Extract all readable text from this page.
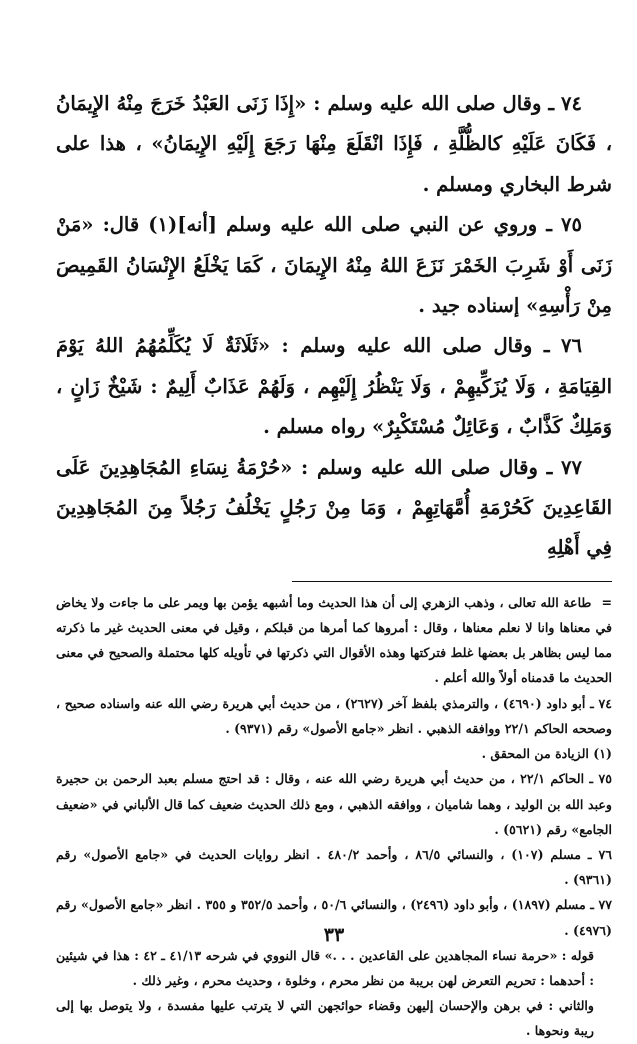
٧٤ ـ وقال صلى الله عليه وسلم : «إِذَا زَنَى العَبْدُ خَرَجَ مِنْهُ الإِيمَانُ ، فَكَانَ عَلَيْهِ كالظُّلَّةِ ، فَإِذَا انْقَلَعَ مِنْهَا رَجَعَ إِلَيْهِ الإِيمَانُ» ، هذا على شرط البخاري ومسلم .

٧٥ ـ وروي عن النبي صلى الله عليه وسلم [أنه](١) قال: «مَنْ زَنَى أَوْ شَرِبَ الخَمْرَ نَزَعَ اللهُ مِنْهُ الإِيمَانَ ، كَمَا يَخْلَعُ الإِنْسَانُ القَمِيصَ مِنْ رَأْسِهِ» إسناده جيد .

٧٦ ـ وقال صلى الله عليه وسلم : «ثَلَاثَةٌ لَا يُكَلِّمُهُمُ اللهُ يَوْمَ القِيَامَةِ ، وَلَا يُزَكِّيهِمْ ، وَلَا يَنْظُرُ إِلَيْهِم ، وَلَهُمْ عَذَابٌ أَلِيمٌ : شَيْخٌ زَانٍ ، وَمَلِكٌ كَذَّابٌ ، وَعَائِلٌ مُسْتَكْبِرٌ» رواه مسلم .

٧٧ ـ وقال صلى الله عليه وسلم : «حُرْمَةُ نِسَاءِ المُجَاهِدِينَ عَلَى القَاعِدِينَ كَحُرْمَةِ أُمَّهَاتِهِمْ ، وَمَا مِنْ رَجُلٍ يَخْلُفُ رَجُلاً مِنَ المُجَاهِدِينَ فِي أَهْلِهِ

=طاعة الله تعالى ، وذهب الزهري إلى أن هذا الحديث وما أشبهه يؤمن بها ويمر على ما جاءت ولا يخاض في معناها وانا لا نعلم معناها ، وقال : أمروها كما أمرها من قبلكم ، وقيل في معنى الحديث غير ما ذكرته مما ليس بظاهر بل بعضها غلط فتركتها وهذه الأقوال التي ذكرتها في تأويله كلها محتملة والصحيح في معنى الحديث ما قدمناه أولاً والله أعلم .

٧٤ ـ أبو داود (٤٦٩٠) ، والترمذي بلفظ آخر (٢٦٢٧) ، من حديث أبي هريرة رضي الله عنه واسناده صحيح ، وصححه الحاكم ٢٢/١ ووافقه الذهبي . انظر «جامع الأصول» رقم (٩٣٧١) .

(١) الزيادة من المحقق .

٧٥ ـ الحاكم ٢٢/١ ، من حديث أبي هريرة رضي الله عنه ، وقال : قد احتج مسلم بعبد الرحمن بن حجيرة وعبد الله بن الوليد ، وهما شاميان ، ووافقه الذهبي ، ومع ذلك الحديث ضعيف كما قال الألباني في «ضعيف الجامع» رقم (٥٦٢١) .

٧٦ ـ مسلم (١٠٧) ، والنسائي ٨٦/٥ ، وأحمد ٤٨٠/٢ . انظر روايات الحديث في «جامع الأصول» رقم (٩٣٦١) .

٧٧ ـ مسلم (١٨٩٧) ، وأبو داود (٢٤٩٦) ، والنسائي ٥٠/٦ ، وأحمد ٣٥٢/٥ و ٣٥٥ . انظر «جامع الأصول» رقم (٤٩٧٦) .

قوله : «حرمة نساء المجاهدين على القاعدين . . .» قال النووي في شرحه ٤١/١٣ ـ ٤٢ : هذا في شيئين : أحدهما : تحريم التعرض لهن بريبة من نظر محرم ، وخلوة ، وحديث محرم ، وغير ذلك .

والثاني : في برهن والإحسان إليهن وقضاء حوائجهن التي لا يترتب عليها مفسدة ، ولا يتوصل بها إلى ريبة ونحوها .

٣٣
